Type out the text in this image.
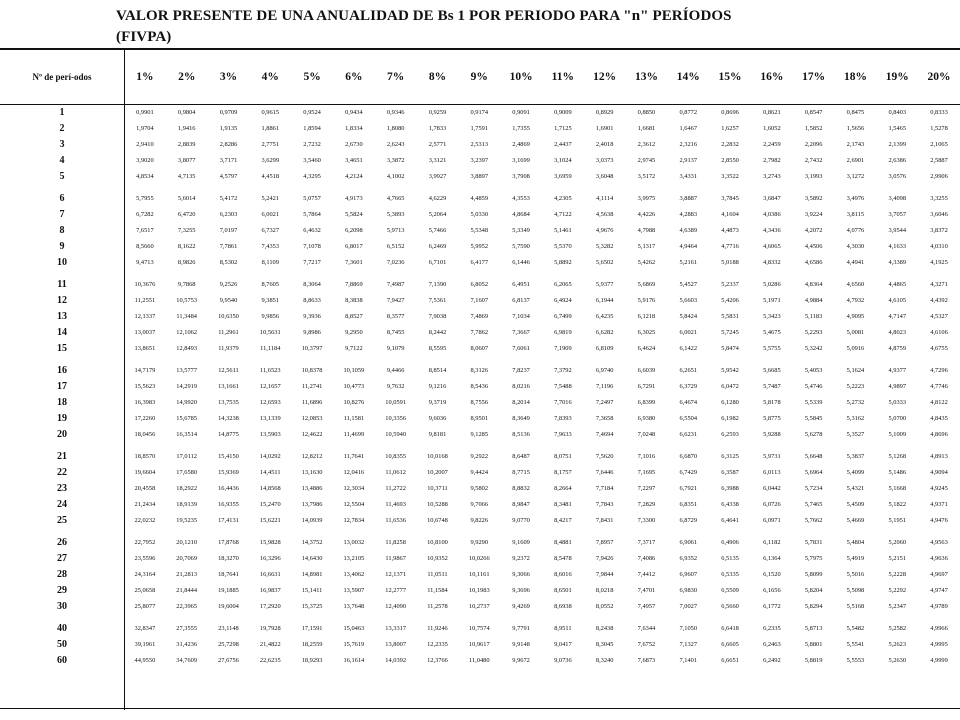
VALOR PRESENTE DE UNA ANUALIDAD DE Bs 1 POR PERIODO PARA "n" PERÍODOS
(FIVPA)
Nº de perí-odos	1%	2%	3%	4%	5%	6%	7%	8%	9%	10%	11%	12%	13%	14%	15%	16%	17%	18%	19%	20%
1	0,9901	0,9804	0,9709	0,9615	0,9524	0,9434	0,9346	0,9259	0,9174	0,9091	0,9009	0,8929	0,8850	0,8772	0,8696	0,8621	0,8547	0,8475	0,8403	0,8333
2	1,9704	1,9416	1,9135	1,8861	1,8594	1,8334	1,8080	1,7833	1,7591	1,7355	1,7125	1,6901	1,6681	1,6467	1,6257	1,6052	1,5852	1,5656	1,5465	1,5278
3	2,9410	2,8839	2,8286	2,7751	2,7232	2,6730	2,6243	2,5771	2,5313	2,4869	2,4437	2,4018	2,3612	2,3216	2,2832	2,2459	2,2096	2,1743	2,1399	2,1065
4	3,9020	3,8077	3,7171	3,6299	3,5460	3,4651	3,3872	3,3121	3,2397	3,1699	3,1024	3,0373	2,9745	2,9137	2,8550	2,7982	2,7432	2,6901	2,6386	2,5887
5	4,8534	4,7135	4,5797	4,4518	4,3295	4,2124	4,1002	3,9927	3,8897	3,7908	3,6959	3,6048	3,5172	3,4331	3,3522	3,2743	3,1993	3,1272	3,0576	2,9906

6	5,7955	5,6014	5,4172	5,2421	5,0757	4,9173	4,7665	4,6229	4,4859	4,3553	4,2305	4,1114	3,9975	3,8887	3,7845	3,6847	3,5892	3,4976	3,4098	3,3255
7	6,7282	6,4720	6,2303	6,0021	5,7864	5,5824	5,3893	5,2064	5,0330	4,8684	4,7122	4,5638	4,4226	4,2883	4,1604	4,0386	3,9224	3,8115	3,7057	3,6046
8	7,6517	7,3255	7,0197	6,7327	6,4632	6,2098	5,9713	5,7466	5,5348	5,3349	5,1461	4,9676	4,7988	4,6389	4,4873	4,3436	4,2072	4,0776	3,9544	3,8372
9	8,5660	8,1622	7,7861	7,4353	7,1078	6,8017	6,5152	6,2469	5,9952	5,7590	5,5370	5,3282	5,1317	4,9464	4,7716	4,6065	4,4506	4,3030	4,1633	4,0310
10	9,4713	8,9826	8,5302	8,1109	7,7217	7,3601	7,0236	6,7101	6,4177	6,1446	5,8892	5,6502	5,4262	5,2161	5,0188	4,8332	4,6586	4,4941	4,3389	4,1925

11	10,3676	9,7868	9,2526	8,7605	8,3064	7,8869	7,4987	7,1390	6,8052	6,4951	6,2065	5,9377	5,6869	5,4527	5,2337	5,0286	4,8364	4,6560	4,4865	4,3271
12	11,2551	10,5753	9,9540	9,3851	8,8633	8,3838	7,9427	7,5361	7,1607	6,8137	6,4924	6,1944	5,9176	5,6603	5,4206	5,1971	4,9884	4,7932	4,6105	4,4392
13	12,1337	11,3484	10,6350	9,9856	9,3936	8,8527	8,3577	7,9038	7,4869	7,1034	6,7499	6,4235	6,1218	5,8424	5,5831	5,3423	5,1183	4,9095	4,7147	4,5327
14	13,0037	12,1062	11,2961	10,5631	9,8986	9,2950	8,7455	8,2442	7,7862	7,3667	6,9819	6,6282	6,3025	6,0021	5,7245	5,4675	5,2293	5,0081	4,8023	4,6106
15	13,8651	12,8493	11,9379	11,1184	10,3797	9,7122	9,1079	8,5595	8,0607	7,6061	7,1909	6,8109	6,4624	6,1422	5,8474	5,5755	5,3242	5,0916	4,8759	4,6755

16	14,7179	13,5777	12,5611	11,6523	10,8378	10,1059	9,4466	8,8514	8,3126	7,8237	7,3792	6,9740	6,6039	6,2651	5,9542	5,6685	5,4053	5,1624	4,9377	4,7296
17	15,5623	14,2919	13,1661	12,1657	11,2741	10,4773	9,7632	9,1216	8,5436	8,0216	7,5488	7,1196	6,7291	6,3729	6,0472	5,7487	5,4746	5,2223	4,9897	4,7746
18	16,3983	14,9920	13,7535	12,6593	11,6896	10,8276	10,0591	9,3719	8,7556	8,2014	7,7016	7,2497	6,8399	6,4674	6,1280	5,8178	5,5339	5,2732	5,0333	4,8122
19	17,2260	15,6785	14,3238	13,1339	12,0853	11,1581	10,3356	9,6036	8,9501	8,3649	7,8393	7,3658	6,9380	6,5504	6,1982	5,8775	5,5845	5,3162	5,0700	4,8435
20	18,0456	16,3514	14,8775	13,5903	12,4622	11,4699	10,5940	9,8181	9,1285	8,5136	7,9633	7,4694	7,0248	6,6231	6,2593	5,9288	5,6278	5,3527	5,1009	4,8696

21	18,8570	17,0112	15,4150	14,0292	12,8212	11,7641	10,8355	10,0168	9,2922	8,6487	8,0751	7,5620	7,1016	6,6870	6,3125	5,9731	5,6648	5,3837	5,1268	4,8913
22	19,6604	17,6580	15,9369	14,4511	13,1630	12,0416	11,0612	10,2007	9,4424	8,7715	8,1757	7,6446	7,1695	6,7429	6,3587	6,0113	5,6964	5,4099	5,1486	4,9094
23	20,4558	18,2922	16,4436	14,8568	13,4886	12,3034	11,2722	10,3711	9,5802	8,8832	8,2664	7,7184	7,2297	6,7921	6,3988	6,0442	5,7234	5,4321	5,1668	4,9245
24	21,2434	18,9139	16,9355	15,2470	13,7986	12,5504	11,4693	10,5288	9,7066	8,9847	8,3481	7,7843	7,2829	6,8351	6,4338	6,0726	5,7465	5,4509	5,1822	4,9371
25	22,0232	19,5235	17,4131	15,6221	14,0939	12,7834	11,6536	10,6748	9,8226	9,0770	8,4217	7,8431	7,3300	6,8729	6,4641	6,0971	5,7662	5,4669	5,1951	4,9476

26	22,7952	20,1210	17,8768	15,9828	14,3752	13,0032	11,8258	10,8100	9,9290	9,1609	8,4881	7,8957	7,3717	6,9061	6,4906	6,1182	5,7831	5,4804	5,2060	4,9563
27	23,5596	20,7069	18,3270	16,3296	14,6430	13,2105	11,9867	10,9352	10,0266	9,2372	8,5478	7,9426	7,4086	6,9352	6,5135	6,1364	5,7975	5,4919	5,2151	4,9636
28	24,3164	21,2813	18,7641	16,6631	14,8981	13,4062	12,1371	11,0511	10,1161	9,3066	8,6016	7,9844	7,4412	6,9607	6,5335	6,1520	5,8099	5,5016	5,2228	4,9697
29	25,0658	21,8444	19,1885	16,9837	15,1411	13,5907	12,2777	11,1584	10,1983	9,3696	8,6501	8,0218	7,4701	6,9830	6,5509	6,1656	5,8204	5,5098	5,2292	4,9747
30	25,8077	22,3965	19,6004	17,2920	15,3725	13,7648	12,4090	11,2578	10,2737	9,4269	8,6938	8,0552	7,4957	7,0027	6,5660	6,1772	5,8294	5,5168	5,2347	4,9789

40	32,8347	27,3555	23,1148	19,7928	17,1591	15,0463	13,3317	11,9246	10,7574	9,7791	8,9511	8,2438	7,6344	7,1050	6,6418	6,2335	5,8713	5,5482	5,2582	4,9966
50	39,1961	31,4236	25,7298	21,4822	18,2559	15,7619	13,8007	12,2335	10,9617	9,9148	9,0417	8,3045	7,6752	7,1327	6,6605	6,2463	5,8801	5,5541	5,2623	4,9995
60	44,9550	34,7609	27,6756	22,6235	18,9293	16,1614	14,0392	12,3766	11,0480	9,9672	9,0736	8,3240	7,6873	7,1401	6,6651	6,2492	5,8819	5,5553	5,2630	4,9999
